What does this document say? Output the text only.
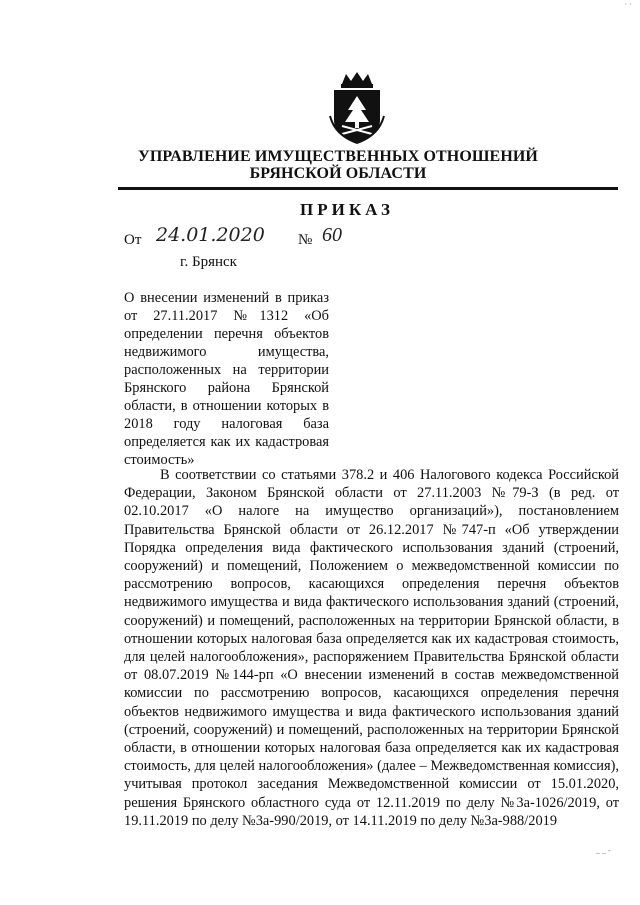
УПРАВЛЕНИЕ ИМУЩЕСТВЕННЫХ ОТНОШЕНИЙ
БРЯНСКОЙ ОБЛАСТИ
ПРИКАЗ
От 24.01.2020 № 60
г. Брянск
О внесении изменений в приказ от 27.11.2017 №1312 «Об определении перечня объектов недвижимого имущества, расположенных на территории Брянского района Брянской области, в отношении которых в 2018 году налоговая база определяется как их кадастровая стоимость»
В соответствии со статьями 378.2 и 406 Налогового кодекса Российской Федерации, Законом Брянской области от 27.11.2003 №79-З (в ред. от 02.10.2017 «О налоге на имущество организаций»), постановлением Правительства Брянской области от 26.12.2017 №747-п «Об утверждении Порядка определения вида фактического использования зданий (строений, сооружений) и помещений, Положением о межведомственной комиссии по рассмотрению вопросов, касающихся определения перечня объектов недвижимого имущества и вида фактического использования зданий (строений, сооружений) и помещений, расположенных на территории Брянской области, в отношении которых налоговая база определяется как их кадастровая стоимость, для целей налогообложения», распоряжением Правительства Брянской области от 08.07.2019 №144-рп «О внесении изменений в состав межведомственной комиссии по рассмотрению вопросов, касающихся определения перечня объектов недвижимого имущества и вида фактического использования зданий (строений, сооружений) и помещений, расположенных на территории Брянской области, в отношении которых налоговая база определяется как их кадастровая стоимость, для целей налогообложения» (далее – Межведомственная комиссия), учитывая протокол заседания Межведомственной комиссии от 15.01.2020, решения Брянского областного суда от 12.11.2019 по делу №3а-1026/2019, от 19.11.2019 по делу №3а-990/2019, от 14.11.2019 по делу №3а-988/2019
· ·
_ _ -
